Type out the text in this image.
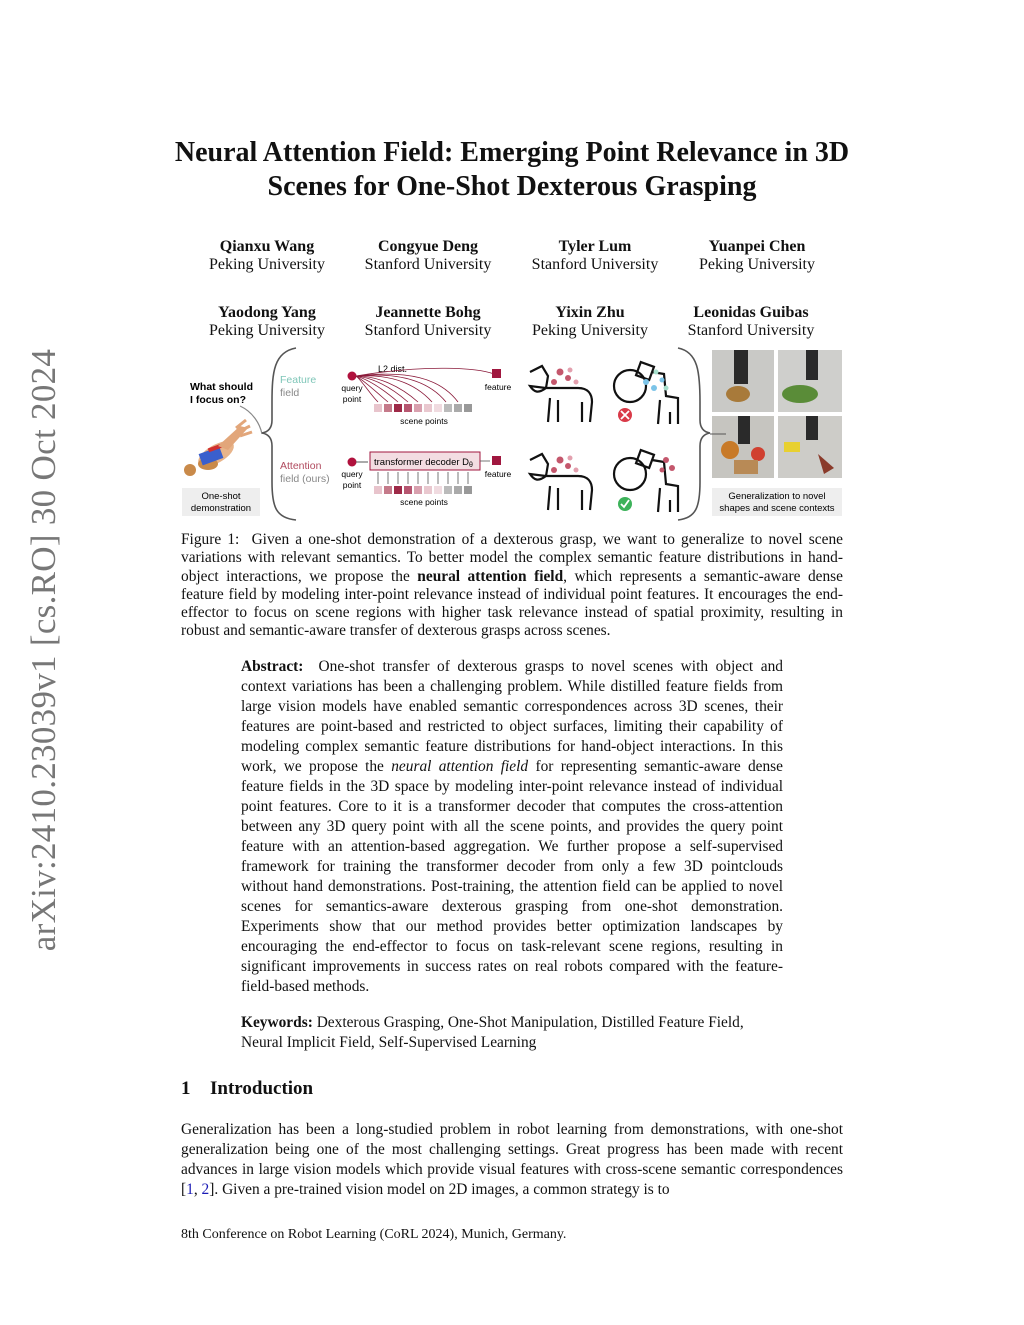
arXiv:2410.23039v1 [cs.RO] 30 Oct 2024
Neural Attention Field: Emerging Point Relevance in 3D Scenes for One-Shot Dexterous Grasping
Qianxu Wang
Peking University
Congyue Deng
Stanford University
Tyler Lum
Stanford University
Yuanpei Chen
Peking University
Yaodong Yang
Peking University
Jeannette Bohg
Stanford University
Yixin Zhu
Peking University
Leonidas Guibas
Stanford University
What should
I focus on?
One-shot
demonstration
Feature
field	query
point
L2 dist.
scene points
feature
Attention
field (ours) query
point
transformer decoder $D_\theta$
scene points
feature
Generalization to novel
shapes and scene contexts
Figure 1: Given a one-shot demonstration of a dexterous grasp, we want to generalize to novel scene variations with relevant semantics. To better model the complex semantic feature distributions in hand-object interactions, we propose the neural attention field, which represents a semantic-aware dense feature field by modeling inter-point relevance instead of individual point features. It encourages the end-effector to focus on scene regions with higher task relevance instead of spatial proximity, resulting in robust and semantic-aware transfer of dexterous grasps across scenes.
Abstract: One-shot transfer of dexterous grasps to novel scenes with object and context variations has been a challenging problem. While distilled feature fields from large vision models have enabled semantic correspondences across 3D scenes, their features are point-based and restricted to object surfaces, limiting their capability of modeling complex semantic feature distributions for hand-object interactions. In this work, we propose the neural attention field for representing semantic-aware dense feature fields in the 3D space by modeling inter-point relevance instead of individual point features. Core to it is a transformer decoder that computes the cross-attention between any 3D query point with all the scene points, and provides the query point feature with an attention-based aggregation. We further propose a self-supervised framework for training the transformer decoder from only a few 3D pointclouds without hand demonstrations. Post-training, the attention field can be applied to novel scenes for semantics-aware dexterous grasping from one-shot demonstration. Experiments show that our method provides better optimization landscapes by encouraging the end-effector to focus on task-relevant scene regions, resulting in significant improvements in success rates on real robots compared with the feature-field-based methods.
Keywords: Dexterous Grasping, One-Shot Manipulation, Distilled Feature Field, Neural Implicit Field, Self-Supervised Learning
1 Introduction
Generalization has been a long-studied problem in robot learning from demonstrations, with one-shot generalization being one of the most challenging settings. Great progress has been made with recent advances in large vision models which provide visual features with cross-scene semantic correspondences [1, 2]. Given a pre-trained vision model on 2D images, a common strategy is to
8th Conference on Robot Learning (CoRL 2024), Munich, Germany.
